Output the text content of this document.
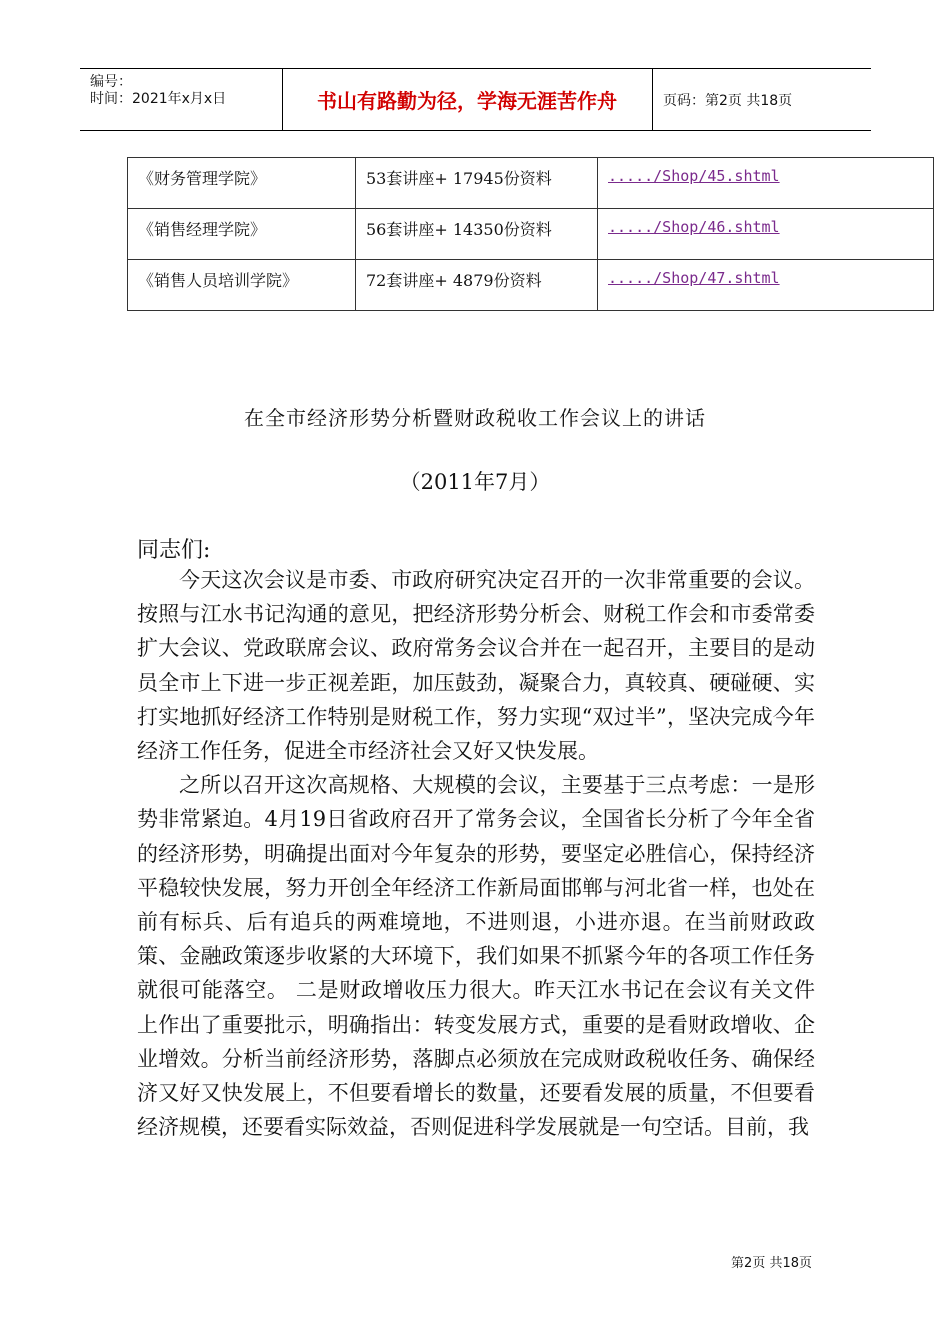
编号：
时间：2021年x月x日	书山有路勤为径，学海无涯苦作舟	页码：第2页 共18页
《财务管理学院》	53套讲座+ 17945份资料	...../Shop/45.shtml
《销售经理学院》	56套讲座+ 14350份资料	...../Shop/46.shtml
《销售人员培训学院》	72套讲座+ 4879份资料	...../Shop/47.shtml
在全市经济形势分析暨财政税收工作会议上的讲话
（2011年7月）
同志们:

今天这次会议是市委、市政府研究决定召开的一次非常重要的会议。按照与江水书记沟通的意见，把经济形势分析会、财税工作会和市委常委扩大会议、党政联席会议、政府常务会议合并在一起召开，主要目的是动员全市上下进一步正视差距，加压鼓劲，凝聚合力，真较真、硬碰硬、实打实地抓好经济工作特别是财税工作，努力实现“双过半”，坚决完成今年经济工作任务，促进全市经济社会又好又快发展。

之所以召开这次高规格、大规模的会议，主要基于三点考虑：一是形势非常紧迫。4月19日省政府召开了常务会议，全国省长分析了今年全省的经济形势，明确提出面对今年复杂的形势，要坚定必胜信心，保持经济平稳较快发展，努力开创全年经济工作新局面邯郸与河北省一样，也处在前有标兵、后有追兵的两难境地，不进则退，小进亦退。在当前财政政策、金融政策逐步收紧的大环境下，我们如果不抓紧今年的各项工作任务就很可能落空。 二是财政增收压力很大。昨天江水书记在会议有关文件上作出了重要批示，明确指出：转变发展方式，重要的是看财政增收、企业增效。分析当前经济形势，落脚点必须放在完成财政税收任务、确保经济又好又快发展上，不但要看增长的数量，还要看发展的质量，不但要看经济规模，还要看实际效益，否则促进科学发展就是一句空话。目前，我

第2页 共18页
